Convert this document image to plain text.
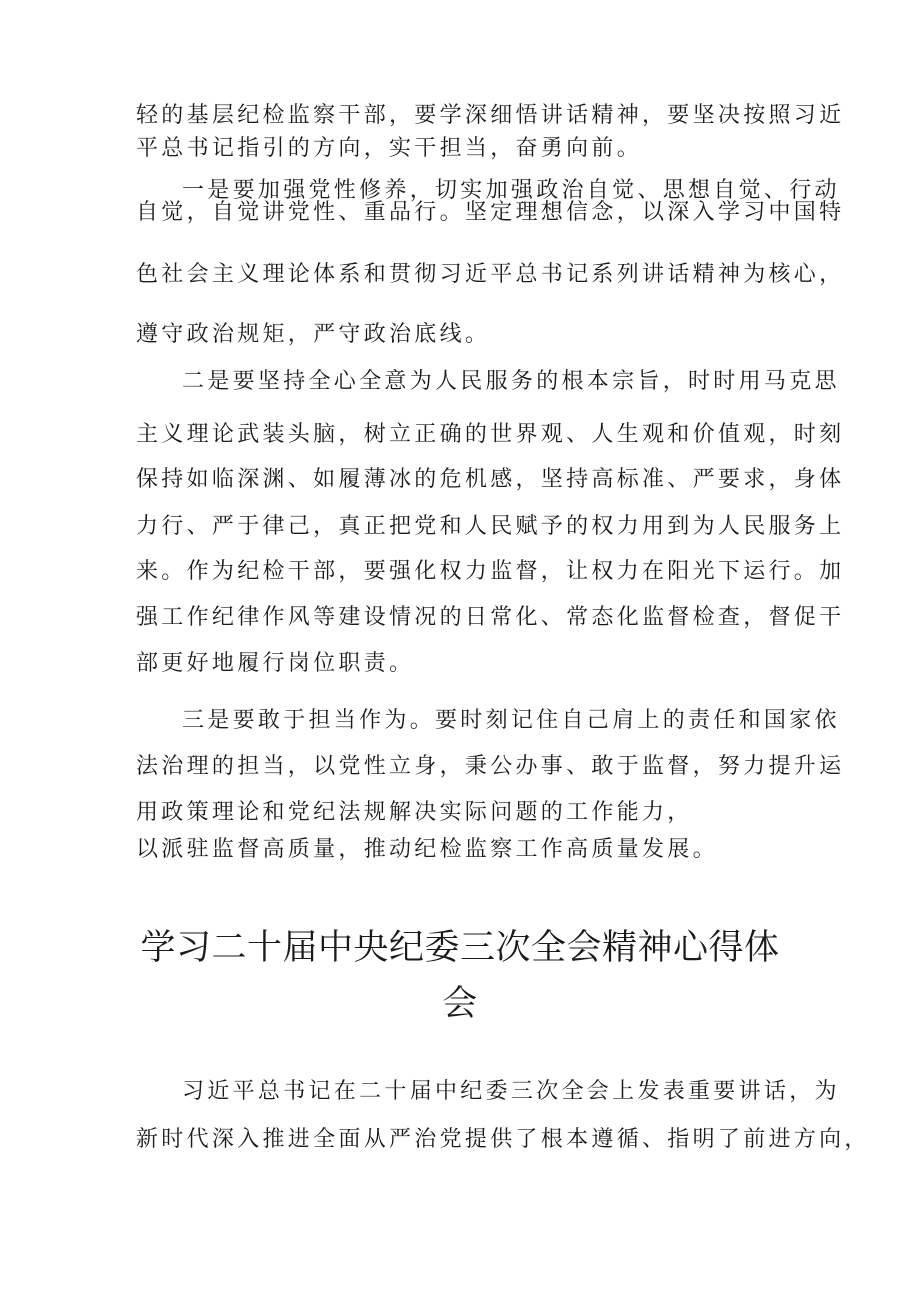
轻的基层纪检监察干部，要学深细悟讲话精神，要坚决按照习近
平总书记指引的方向，实干担当，奋勇向前。
一是要加强党性修养，切实加强政治自觉、思想自觉、行动
自觉，自觉讲党性、重品行。坚定理想信念，以深入学习中国特
色社会主义理论体系和贯彻习近平总书记系列讲话精神为核心，
遵守政治规矩，严守政治底线。
二是要坚持全心全意为人民服务的根本宗旨，时时用马克思
主义理论武装头脑，树立正确的世界观、人生观和价值观，时刻
保持如临深渊、如履薄冰的危机感，坚持高标准、严要求，身体
力行、严于律己，真正把党和人民赋予的权力用到为人民服务上
来。作为纪检干部，要强化权力监督，让权力在阳光下运行。加
强工作纪律作风等建设情况的日常化、常态化监督检查，督促干
部更好地履行岗位职责。
三是要敢于担当作为。要时刻记住自己肩上的责任和国家依
法治理的担当，以党性立身，秉公办事、敢于监督，努力提升运
用政策理论和党纪法规解决实际问题的工作能力，
以派驻监督高质量，推动纪检监察工作高质量发展。
学习二十届中央纪委三次全会精神心得体
会
习近平总书记在二十届中纪委三次全会上发表重要讲话，为
新时代深入推进全面从严治党提供了根本遵循、指明了前进方向，
